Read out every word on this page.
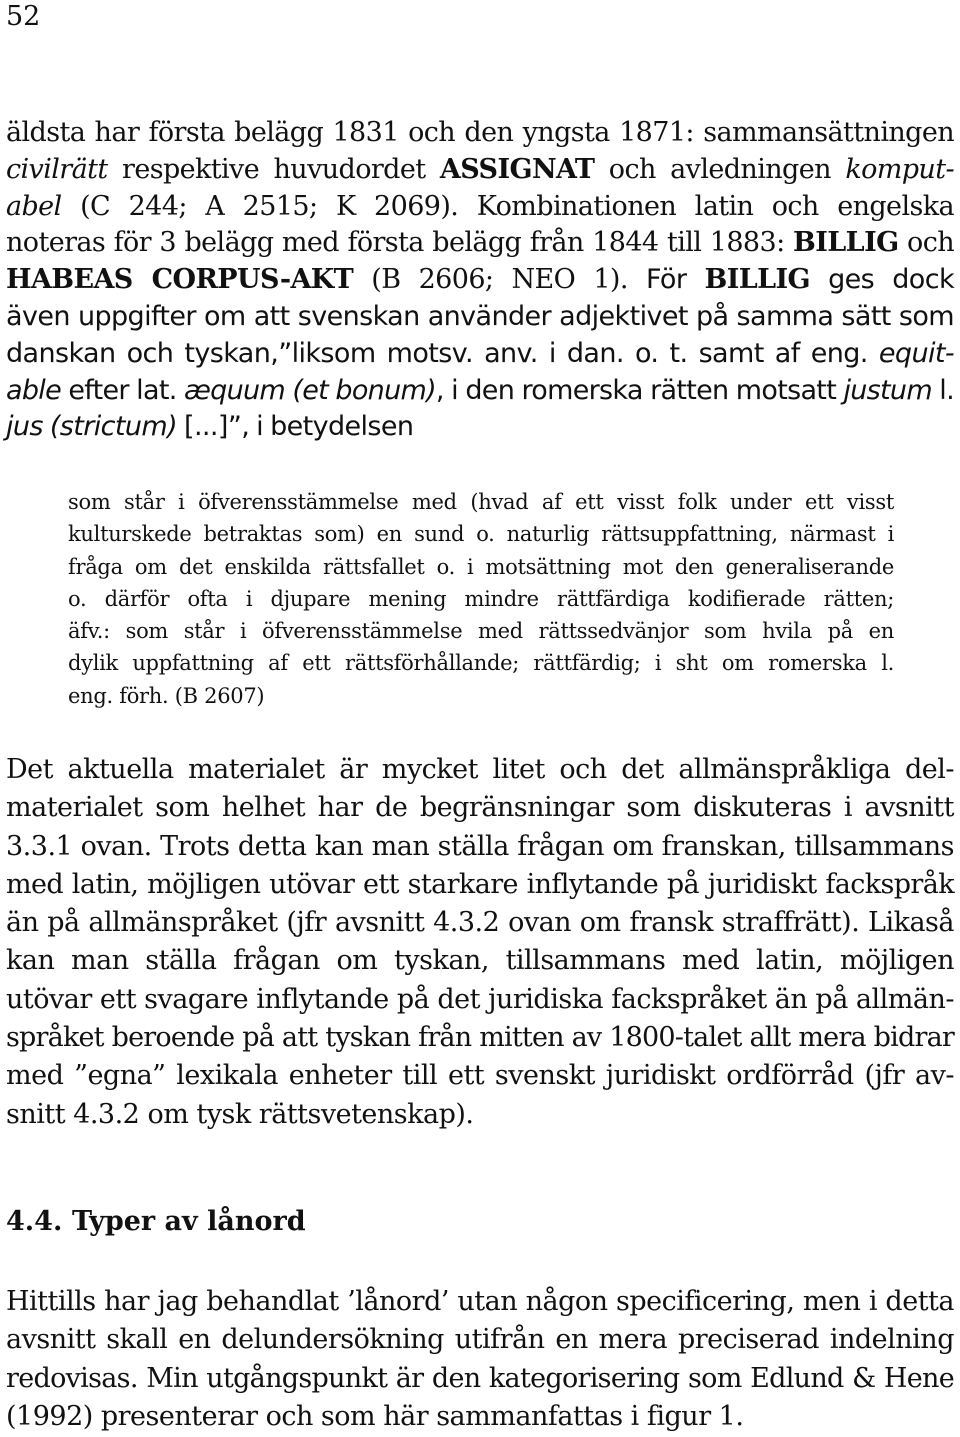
52
äldsta har första belägg 1831 och den yngsta 1871: sammansättningen
civilrätt respektive huvudordet ASSIGNAT och avledningen komput-
abel (C 244; A 2515; K 2069). Kombinationen latin och engelska
noteras för 3 belägg med första belägg från 1844 till 1883: BILLIG och
HABEAS CORPUS-AKT (B 2606; NEO 1). För BILLIG ges dock
även uppgifter om att svenskan använder adjektivet på samma sätt som
danskan och tyskan,”liksom motsv. anv. i dan. o. t. samt af eng. equit-
able efter lat. æquum (et bonum), i den romerska rätten motsatt justum l.
jus (strictum) [...]”, i betydelsen
som står i öfverensstämmelse med (hvad af ett visst folk under ett visst
kulturskede betraktas som) en sund o. naturlig rättsuppfattning, närmast i
fråga om det enskilda rättsfallet o. i motsättning mot den generaliserande
o. därför ofta i djupare mening mindre rättfärdiga kodifierade rätten;
äfv.: som står i öfverensstämmelse med rättssedvänjor som hvila på en
dylik uppfattning af ett rättsförhållande; rättfärdig; i sht om romerska l.
eng. förh. (B 2607)
Det aktuella materialet är mycket litet och det allmänspråkliga del-
materialet som helhet har de begränsningar som diskuteras i avsnitt
3.3.1 ovan. Trots detta kan man ställa frågan om franskan, tillsammans
med latin, möjligen utövar ett starkare inflytande på juridiskt fackspråk
än på allmänspråket (jfr avsnitt 4.3.2 ovan om fransk straffrätt). Likaså
kan man ställa frågan om tyskan, tillsammans med latin, möjligen
utövar ett svagare inflytande på det juridiska fackspråket än på allmän-
språket beroende på att tyskan från mitten av 1800-talet allt mera bidrar
med ”egna” lexikala enheter till ett svenskt juridiskt ordförråd (jfr av-
snitt 4.3.2 om tysk rättsvetenskap).
4.4. Typer av lånord
Hittills har jag behandlat ’lånord’ utan någon specificering, men i detta
avsnitt skall en delundersökning utifrån en mera preciserad indelning
redovisas. Min utgångspunkt är den kategorisering som Edlund & Hene
(1992) presenterar och som här sammanfattas i figur 1.
